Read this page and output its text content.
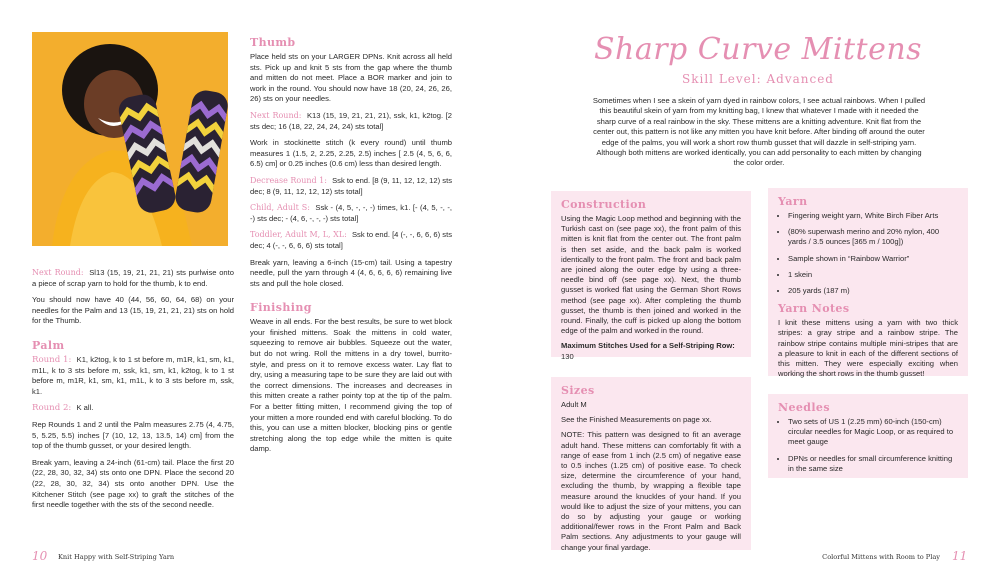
Next Round: Sl13 (15, 19, 21, 21, 21) sts purlwise onto a piece of scrap yarn to hold for the thumb, k to end.

You should now have 40 (44, 56, 60, 64, 68) on your needles for the Palm and 13 (15, 19, 21, 21, 21) sts on hold for the Thumb.

Palm

Round 1: K1, k2tog, k to 1 st before m, m1R, k1, sm, k1, m1L, k to 3 sts before m, ssk, k1, sm, k1, k2tog, k to 1 st before m, m1R, k1, sm, k1, m1L, k to 3 sts before m, ssk, k1.

Round 2: K all.

Rep Rounds 1 and 2 until the Palm measures 2.75 (4, 4.75, 5, 5.25, 5.5) inches [7 (10, 12, 13, 13.5, 14) cm] from the top of the thumb gusset, or your desired length.

Break yarn, leaving a 24-inch (61-cm) tail. Place the first 20 (22, 28, 30, 32, 34) sts onto one DPN. Place the second 20 (22, 28, 30, 32, 34) sts onto another DPN. Use the Kitchener Stitch (see page xx) to graft the stitches of the first needle together with the sts of the second needle.

Thumb

Place held sts on your LARGER DPNs. Knit across all held sts. Pick up and knit 5 sts from the gap where the thumb and mitten do not meet. Place a BOR marker and join to work in the round. You should now have 18 (20, 24, 26, 26, 26) sts on your needles.

Next Round: K13 (15, 19, 21, 21, 21), ssk, k1, k2tog. [2 sts dec; 16 (18, 22, 24, 24, 24) sts total]

Work in stockinette stitch (k every round) until thumb measures 1 (1.5, 2, 2.25, 2.25, 2.5) inches [ 2.5 (4, 5, 6, 6, 6.5) cm] or 0.25 inches (0.6 cm) less than desired length.

Decrease Round 1: Ssk to end. [8 (9, 11, 12, 12, 12) sts dec; 8 (9, 11, 12, 12, 12) sts total]

Child, Adult S: Ssk - (4, 5, -, -, -) times, k1. [- (4, 5, -, -, -) sts dec; - (4, 6, -, -, -) sts total]

Toddler, Adult M, L, XL: Ssk to end. [4 (-, -, 6, 6, 6) sts dec; 4 (-, -, 6, 6, 6) sts total]

Break yarn, leaving a 6-inch (15-cm) tail. Using a tapestry needle, pull the yarn through 4 (4, 6, 6, 6, 6) remaining live sts and pull the hole closed.

Finishing

Weave in all ends. For the best results, be sure to wet block your finished mittens. Soak the mittens in cold water, squeezing to remove air bubbles. Squeeze out the water, but do not wring. Roll the mittens in a dry towel, burrito-style, and press on it to remove excess water. Lay flat to dry, using a measuring tape to be sure they are laid out with the correct dimensions. The increases and decreases in this mitten create a rather pointy top at the tip of the palm. For a better fitting mitten, I recommend giving the top of your mitten a more rounded end with careful blocking. To do this, you can use a mitten blocker, blocking pins or gentle stretching along the top edge while the mitten is quite damp.

Sharp Curve Mittens
Skill Level: Advanced

Sometimes when I see a skein of yarn dyed in rainbow colors, I see actual rainbows. When I pulled this beautiful skein of yarn from my knitting bag, I knew that whatever I made with it needed the sharp curve of a real rainbow in the sky. These mittens are a knitting adventure. Knit flat from the center out, this pattern is not like any mitten you have knit before. After binding off around the outer edge of the palms, you will work a short row thumb gusset that will dazzle in self-striping yarn. Although both mittens are worked identically, you can add personality to each mitten by changing the color order.

Construction

Using the Magic Loop method and beginning with the Turkish cast on (see page xx), the front palm of this mitten is knit flat from the center out. The front palm is then set aside, and the back palm is worked identically to the front palm. The front and back palm are joined along the outer edge by using a three-needle bind off (see page xx). Next, the thumb gusset is worked flat using the German Short Rows method (see page xx). After completing the thumb gusset, the thumb is then joined and worked in the round. Finally, the cuff is picked up along the bottom edge of the palm and worked in the round.

Maximum Stitches Used for a Self-Striping Row: 130

Sizes

Adult M

See the Finished Measurements on page xx.

NOTE: This pattern was designed to fit an average adult hand. These mittens can comfortably fit with a range of ease from 1 inch (2.5 cm) of negative ease to 0.5 inches (1.25 cm) of positive ease. To check size, determine the circumference of your hand, excluding the thumb, by wrapping a flexible tape measure around the knuckles of your hand. If you would like to adjust the size of your mittens, you can do so by adjusting your gauge or working additional/fewer rows in the Front Palm and Back Palm sections. Any adjustments to your gauge will change your final yardage.

Yarn
• Fingering weight yarn, White Birch Fiber Arts
• (80% superwash merino and 20% nylon, 400 yards / 3.5 ounces [365 m / 100g])
• Sample shown in “Rainbow Warrior”
• 1 skein
• 205 yards (187 m)
Yarn Notes

I knit these mittens using a yarn with two thick stripes: a gray stripe and a rainbow stripe. The rainbow stripe contains multiple mini-stripes that are a pleasure to knit in each of the different sections of this mitten. They were especially exciting when working the short rows in the thumb gusset!

Needles
• Two sets of US 1 (2.25 mm) 60-inch (150-cm) circular needles for Magic Loop, or as required to meet gauge
• DPNs or needles for small circumference knitting in the same size
10 Knit Happy with Self-Striping Yarn	Colorful Mittens with Room to Play 11
